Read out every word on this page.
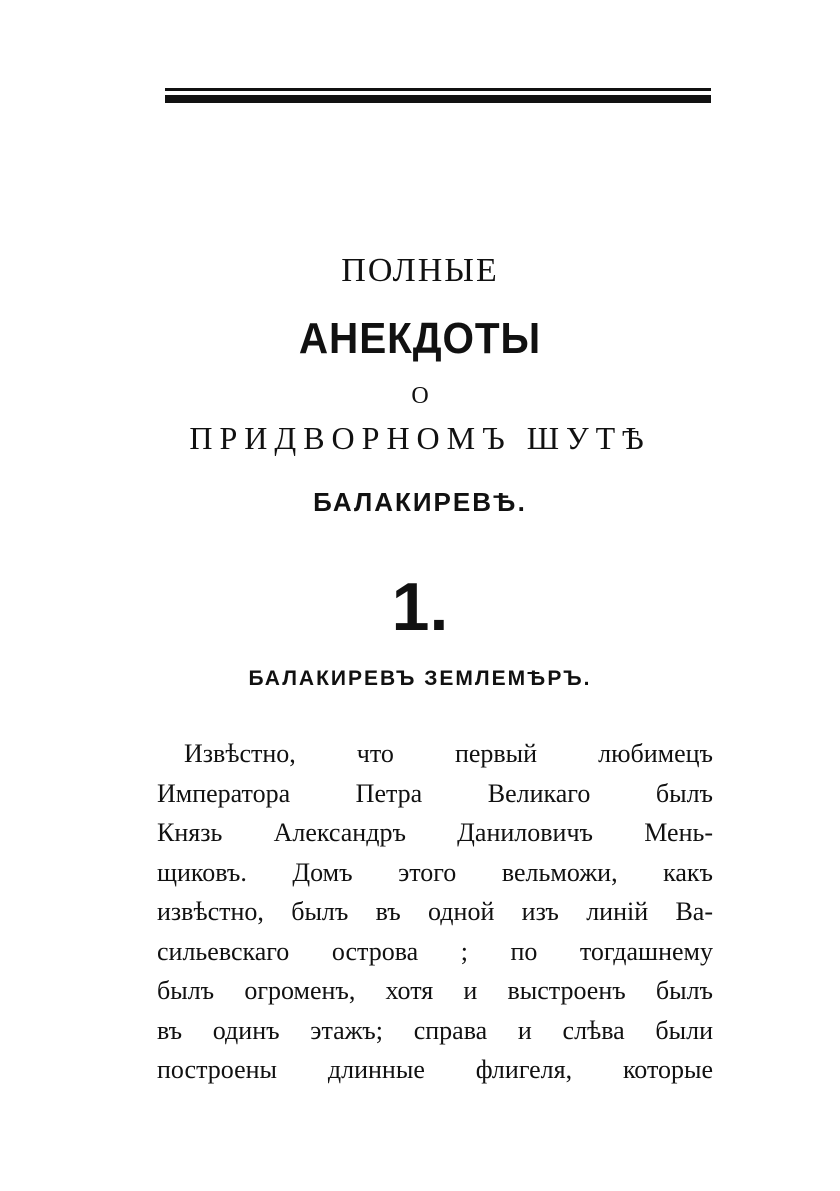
ПОЛНЫЕ
АНЕКДОТЫ
О
ПРИДВОРНОМЪ ШУТѢ
БАЛАКИРЕВѢ.
1.
БАЛАКИРЕВЪ ЗЕМЛЕМѢРЪ.
Извѣстно, что первый любимецъ
Императора Петра Великаго былъ
Князь Александръ Даниловичъ Мень-
щиковъ. Домъ этого вельможи, какъ
извѣстно, былъ въ одной изъ линій Ва-
сильевскаго острова ; по тогдашнему
былъ огроменъ, хотя и выстроенъ былъ
въ одинъ этажъ; справа и слѣва были
построены длинные флигеля, которые
